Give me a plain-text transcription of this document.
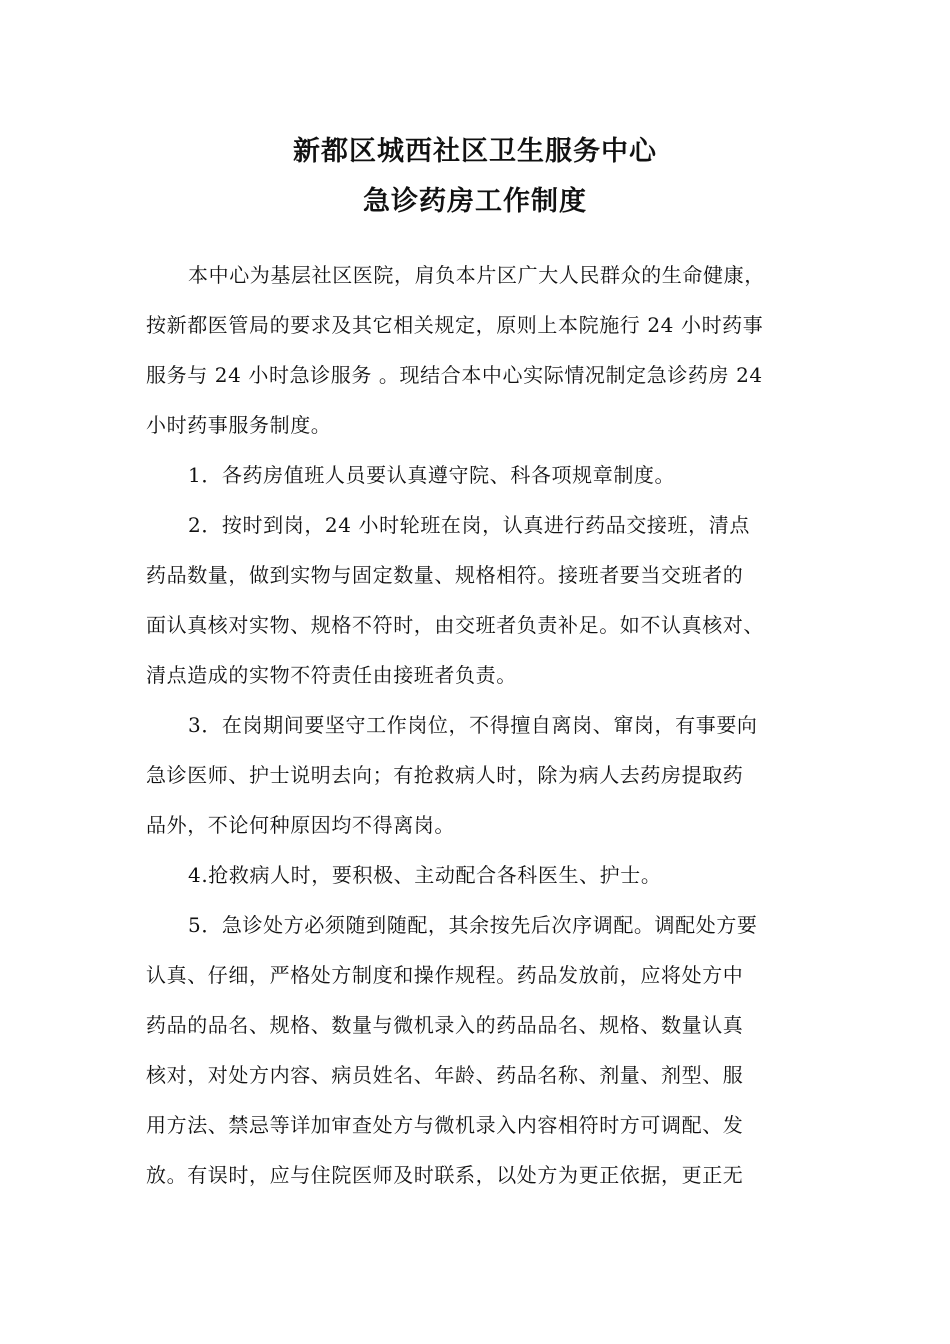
新都区城西社区卫生服务中心
急诊药房工作制度
本中心为基层社区医院，肩负本片区广大人民群众的生命健康，
按新都医管局的要求及其它相关规定，原则上本院施行 24 小时药事
服务与 24 小时急诊服务 。现结合本中心实际情况制定急诊药房 24
小时药事服务制度。
1．各药房值班人员要认真遵守院、科各项规章制度。
2．按时到岗，24 小时轮班在岗，认真进行药品交接班，清点
药品数量，做到实物与固定数量、规格相符。接班者要当交班者的
面认真核对实物、规格不符时，由交班者负责补足。如不认真核对、
清点造成的实物不符责任由接班者负责。
3．在岗期间要坚守工作岗位，不得擅自离岗、窜岗，有事要向
急诊医师、护士说明去向；有抢救病人时，除为病人去药房提取药
品外，不论何种原因均不得离岗。
4.抢救病人时，要积极、主动配合各科医生、护士。
5．急诊处方必须随到随配，其余按先后次序调配。调配处方要
认真、仔细，严格处方制度和操作规程。药品发放前，应将处方中
药品的品名、规格、数量与微机录入的药品品名、规格、数量认真
核对，对处方内容、病员姓名、年龄、药品名称、剂量、剂型、服
用方法、禁忌等详加审查处方与微机录入内容相符时方可调配、发
放。有误时，应与住院医师及时联系，以处方为更正依据，更正无
